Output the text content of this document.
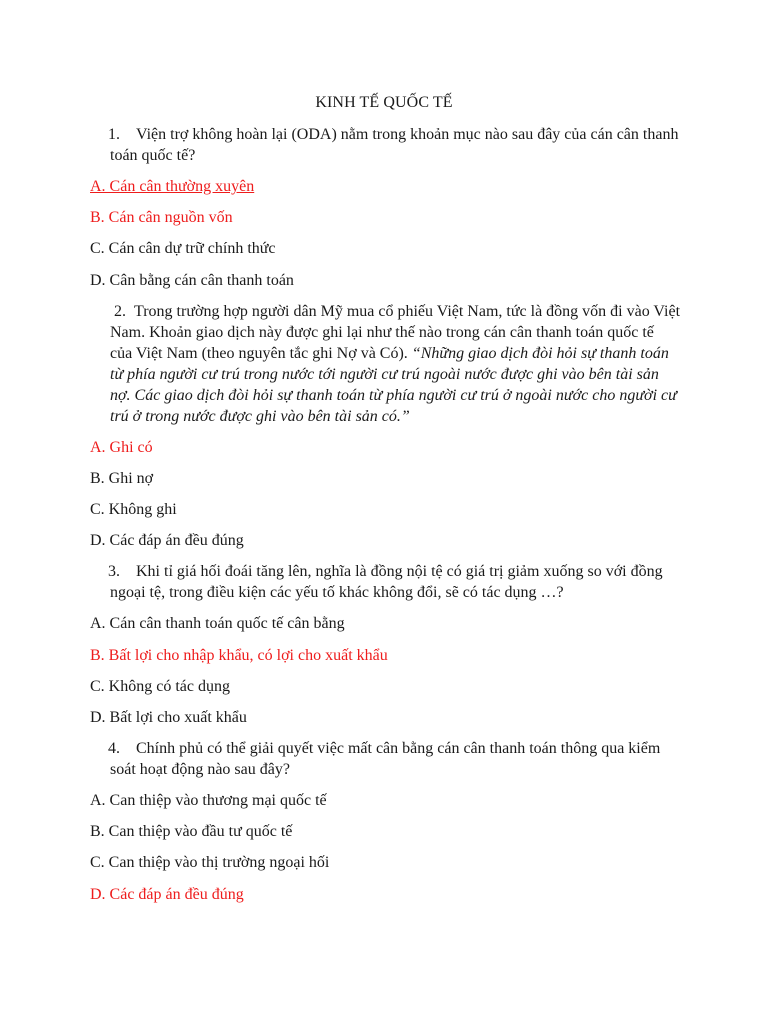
KINH TẾ QUỐC TẾ
1.	Viện trợ không hoàn lại (ODA) nằm trong khoản mục nào sau đây của cán cân thanh toán quốc tế?
A. Cán cân thường xuyên
B. Cán cân nguồn vốn
C. Cán cân dự trữ chính thức
D. Cân bằng cán cân thanh toán
2. Trong trường hợp người dân Mỹ mua cổ phiếu Việt Nam, tức là đồng vốn đi vào Việt Nam. Khoản giao dịch này được ghi lại như thế nào trong cán cân thanh toán quốc tế của Việt Nam (theo nguyên tắc ghi Nợ và Có). “Những giao dịch đòi hỏi sự thanh toán từ phía người cư trú trong nước tới người cư trú ngoài nước được ghi vào bên tài sản nợ. Các giao dịch đòi hỏi sự thanh toán từ phía người cư trú ở ngoài nước cho người cư trú ở trong nước được ghi vào bên tài sản có.”
A. Ghi có
B. Ghi nợ
C. Không ghi
D. Các đáp án đều đúng
3.	Khi tỉ giá hối đoái tăng lên, nghĩa là đồng nội tệ có giá trị giảm xuống so với đồng ngoại tệ, trong điều kiện các yếu tố khác không đổi, sẽ có tác dụng …?
A. Cán cân thanh toán quốc tế cân bằng
B. Bất lợi cho nhập khẩu, có lợi cho xuất khẩu
C. Không có tác dụng
D. Bất lợi cho xuất khẩu
4.	Chính phủ có thể giải quyết việc mất cân bằng cán cân thanh toán thông qua kiểm soát hoạt động nào sau đây?
A. Can thiệp vào thương mại quốc tế
B. Can thiệp vào đầu tư quốc tế
C. Can thiệp vào thị trường ngoại hối
D. Các đáp án đều đúng
